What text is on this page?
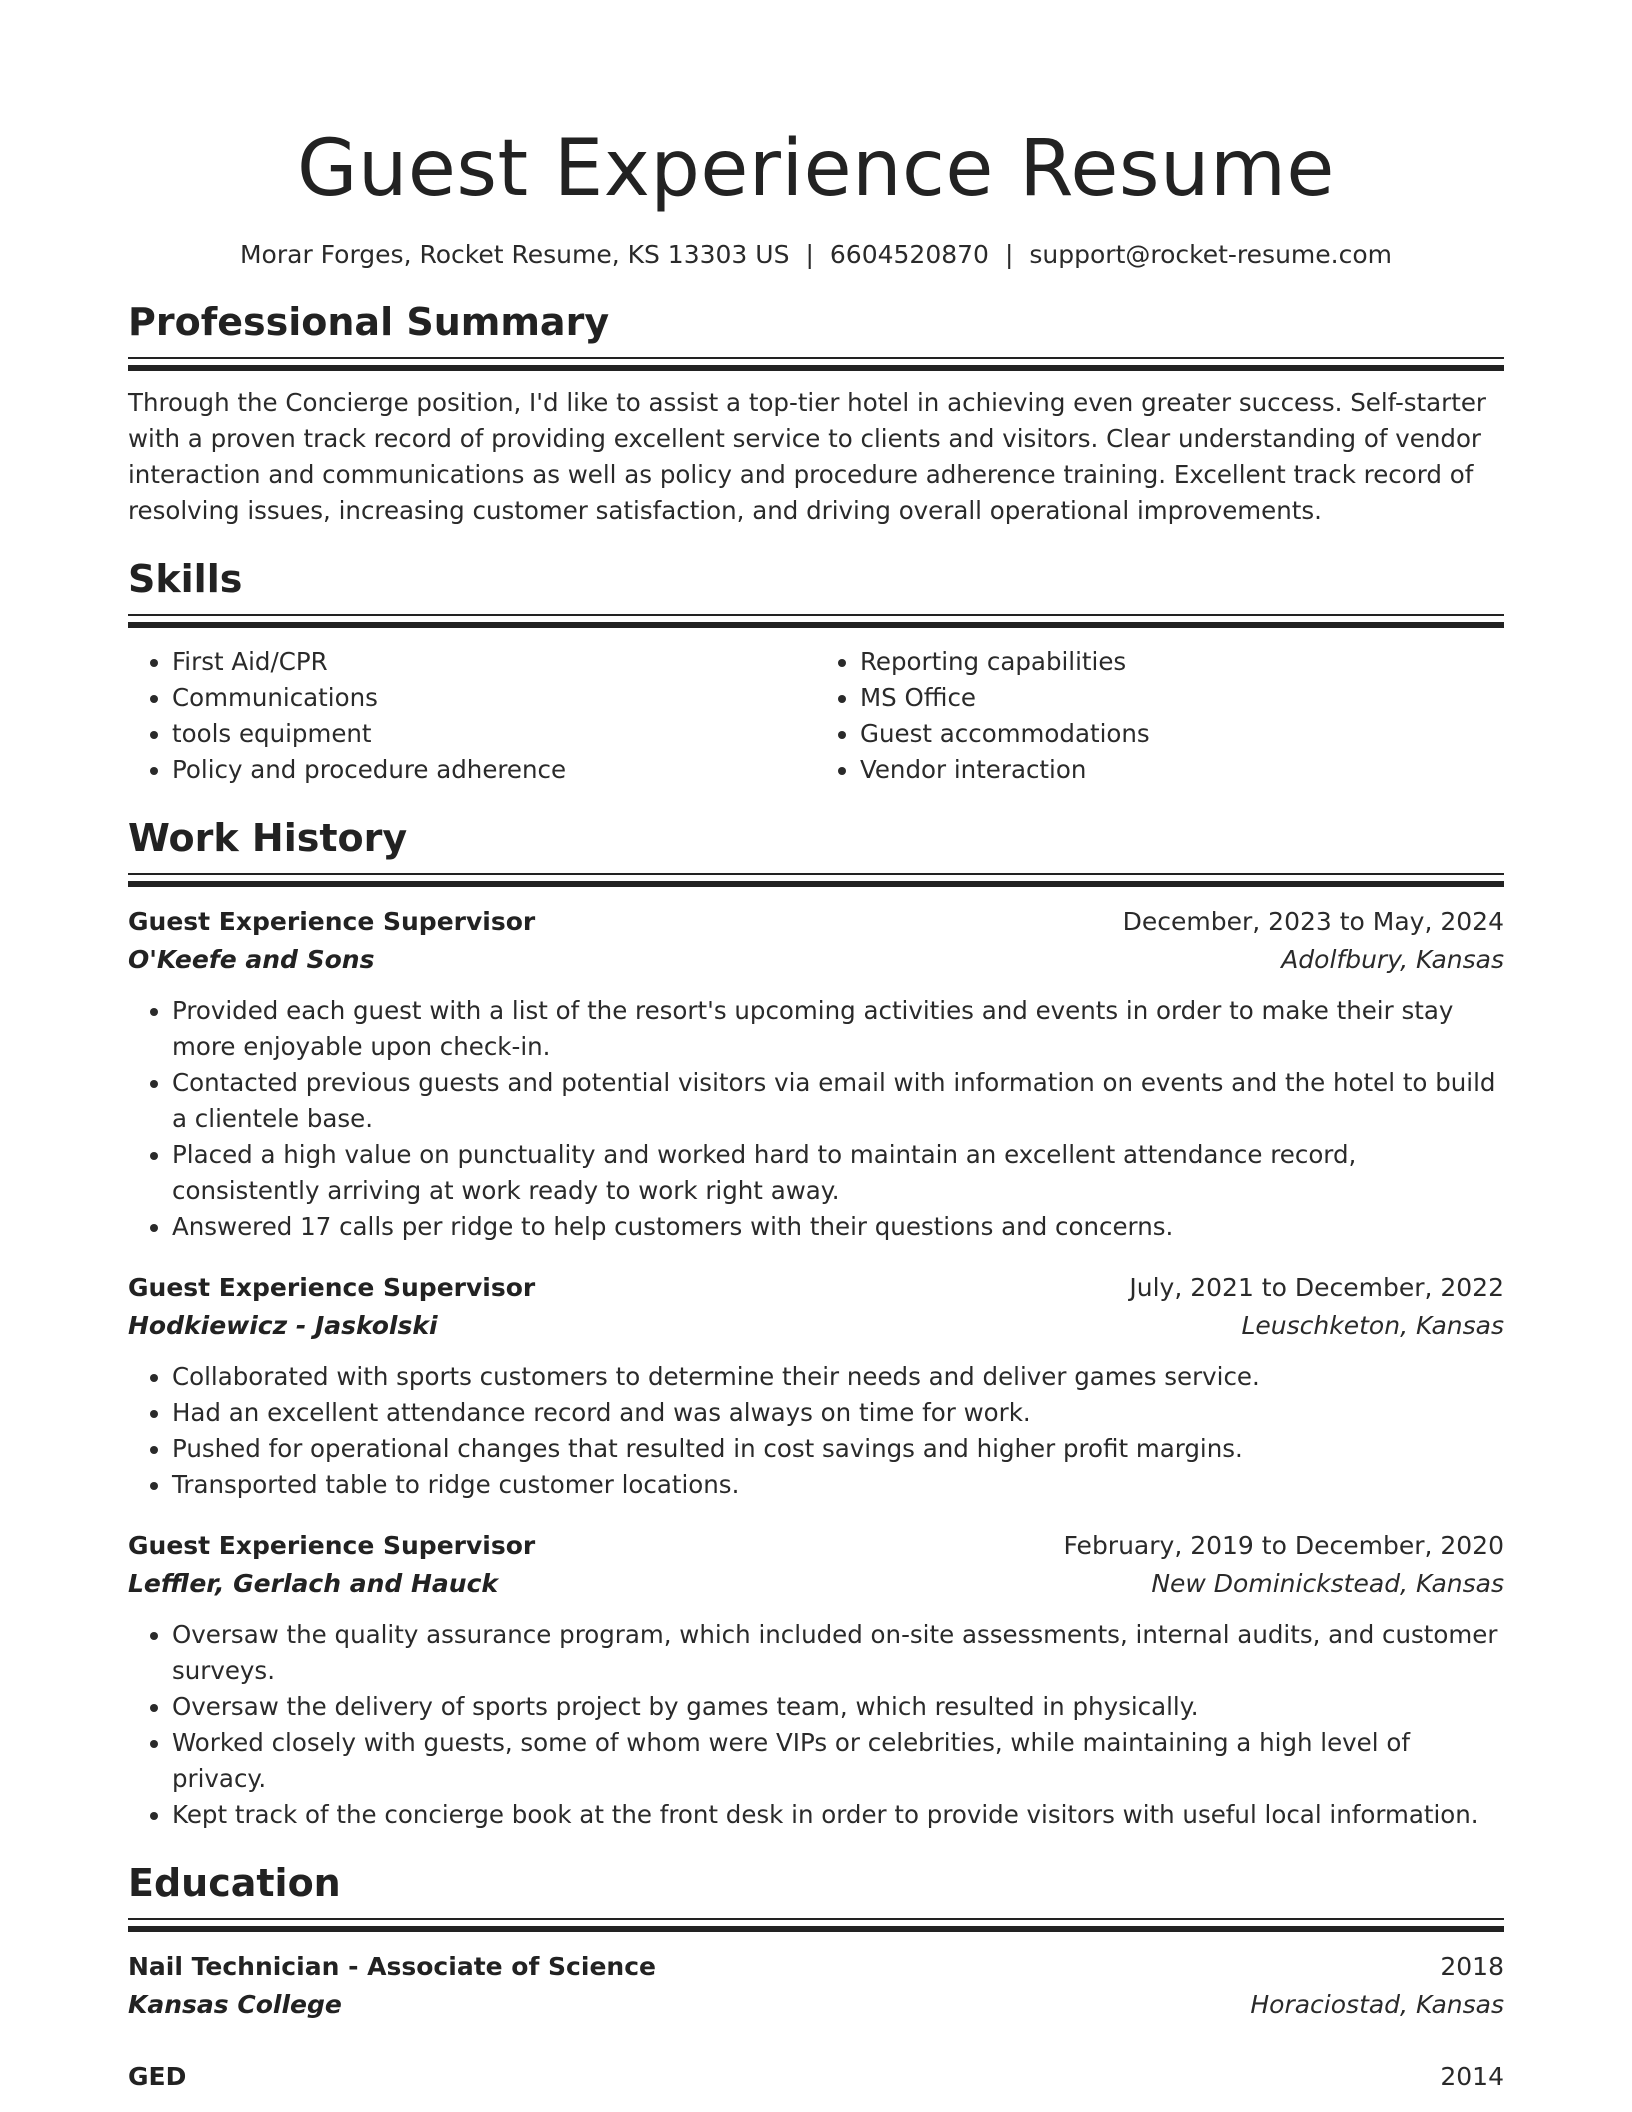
Guest Experience Resume
Morar Forges, Rocket Resume, KS 13303 US | 6604520870 | support@rocket-resume.com
Professional Summary
Through the Concierge position, I'd like to assist a top-tier hotel in achieving even greater success. Self-starter with a proven track record of providing excellent service to clients and visitors. Clear understanding of vendor interaction and communications as well as policy and procedure adherence training. Excellent track record of resolving issues, increasing customer satisfaction, and driving overall operational improvements.
Skills
• First Aid/CPR
• Communications
• tools equipment
• Policy and procedure adherence
• Reporting capabilities
• MS Office
• Guest accommodations
• Vendor interaction
Work History
Guest Experience Supervisor	December, 2023 to May, 2024
O'Keefe and Sons	Adolfbury, Kansas
• Provided each guest with a list of the resort's upcoming activities and events in order to make their stay more enjoyable upon check-in.
• Contacted previous guests and potential visitors via email with information on events and the hotel to build a clientele base.
• Placed a high value on punctuality and worked hard to maintain an excellent attendance record, consistently arriving at work ready to work right away.
• Answered 17 calls per ridge to help customers with their questions and concerns.
Guest Experience Supervisor	July, 2021 to December, 2022
Hodkiewicz - Jaskolski	Leuschketon, Kansas
• Collaborated with sports customers to determine their needs and deliver games service.
• Had an excellent attendance record and was always on time for work.
• Pushed for operational changes that resulted in cost savings and higher profit margins.
• Transported table to ridge customer locations.
Guest Experience Supervisor	February, 2019 to December, 2020
Leffler, Gerlach and Hauck	New Dominickstead, Kansas
• Oversaw the quality assurance program, which included on-site assessments, internal audits, and customer surveys.
• Oversaw the delivery of sports project by games team, which resulted in physically.
• Worked closely with guests, some of whom were VIPs or celebrities, while maintaining a high level of privacy.
• Kept track of the concierge book at the front desk in order to provide visitors with useful local information.
Education
Nail Technician - Associate of Science	2018
Kansas College	Horaciostad, Kansas
GED	2014
